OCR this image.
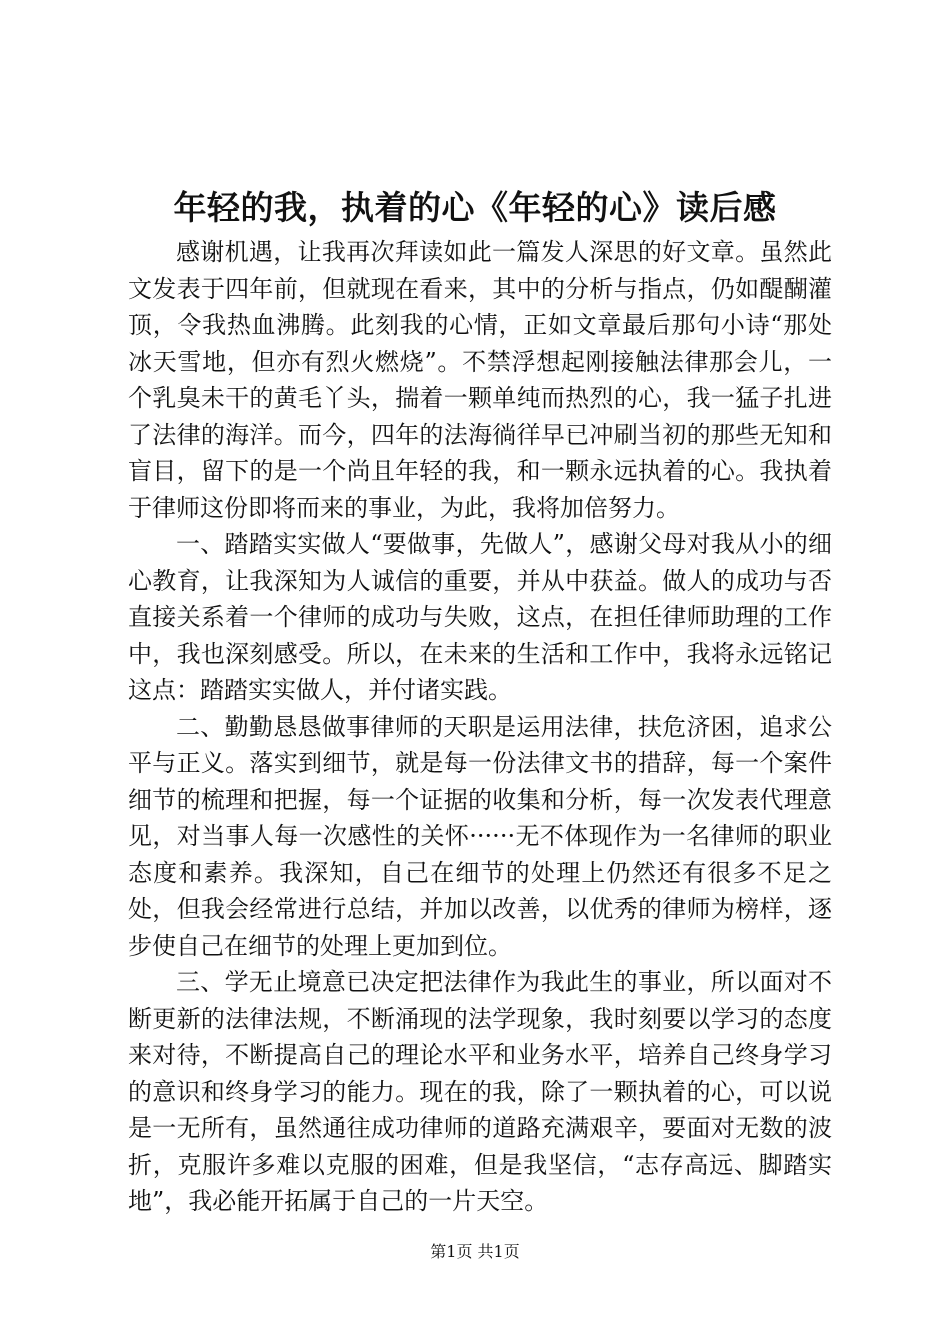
年轻的我，执着的心《年轻的心》读后感

感谢机遇，让我再次拜读如此一篇发人深思的好文章。虽然此文发表于四年前，但就现在看来，其中的分析与指点，仍如醍醐灌顶，令我热血沸腾。此刻我的心情，正如文章最后那句小诗“那处冰天雪地，但亦有烈火燃烧”。不禁浮想起刚接触法律那会儿，一个乳臭未干的黄毛丫头，揣着一颗单纯而热烈的心，我一猛子扎进了法律的海洋。而今，四年的法海徜徉早已冲刷当初的那些无知和盲目，留下的是一个尚且年轻的我，和一颗永远执着的心。我执着于律师这份即将而来的事业，为此，我将加倍努力。

一、踏踏实实做人“要做事，先做人”，感谢父母对我从小的细心教育，让我深知为人诚信的重要，并从中获益。做人的成功与否直接关系着一个律师的成功与失败，这点，在担任律师助理的工作中，我也深刻感受。所以，在未来的生活和工作中，我将永远铭记这点：踏踏实实做人，并付诸实践。

二、勤勤恳恳做事律师的天职是运用法律，扶危济困，追求公平与正义。落实到细节，就是每一份法律文书的措辞，每一个案件细节的梳理和把握，每一个证据的收集和分析，每一次发表代理意见，对当事人每一次感性的关怀······无不体现作为一名律师的职业态度和素养。我深知，自己在细节的处理上仍然还有很多不足之处，但我会经常进行总结，并加以改善，以优秀的律师为榜样，逐步使自己在细节的处理上更加到位。

三、学无止境意已决定把法律作为我此生的事业，所以面对不断更新的法律法规，不断涌现的法学现象，我时刻要以学习的态度来对待，不断提高自己的理论水平和业务水平，培养自己终身学习的意识和终身学习的能力。现在的我，除了一颗执着的心，可以说是一无所有，虽然通往成功律师的道路充满艰辛，要面对无数的波折，克服许多难以克服的困难，但是我坚信，“志存高远、脚踏实地”，我必能开拓属于自己的一片天空。

第1页 共1页
